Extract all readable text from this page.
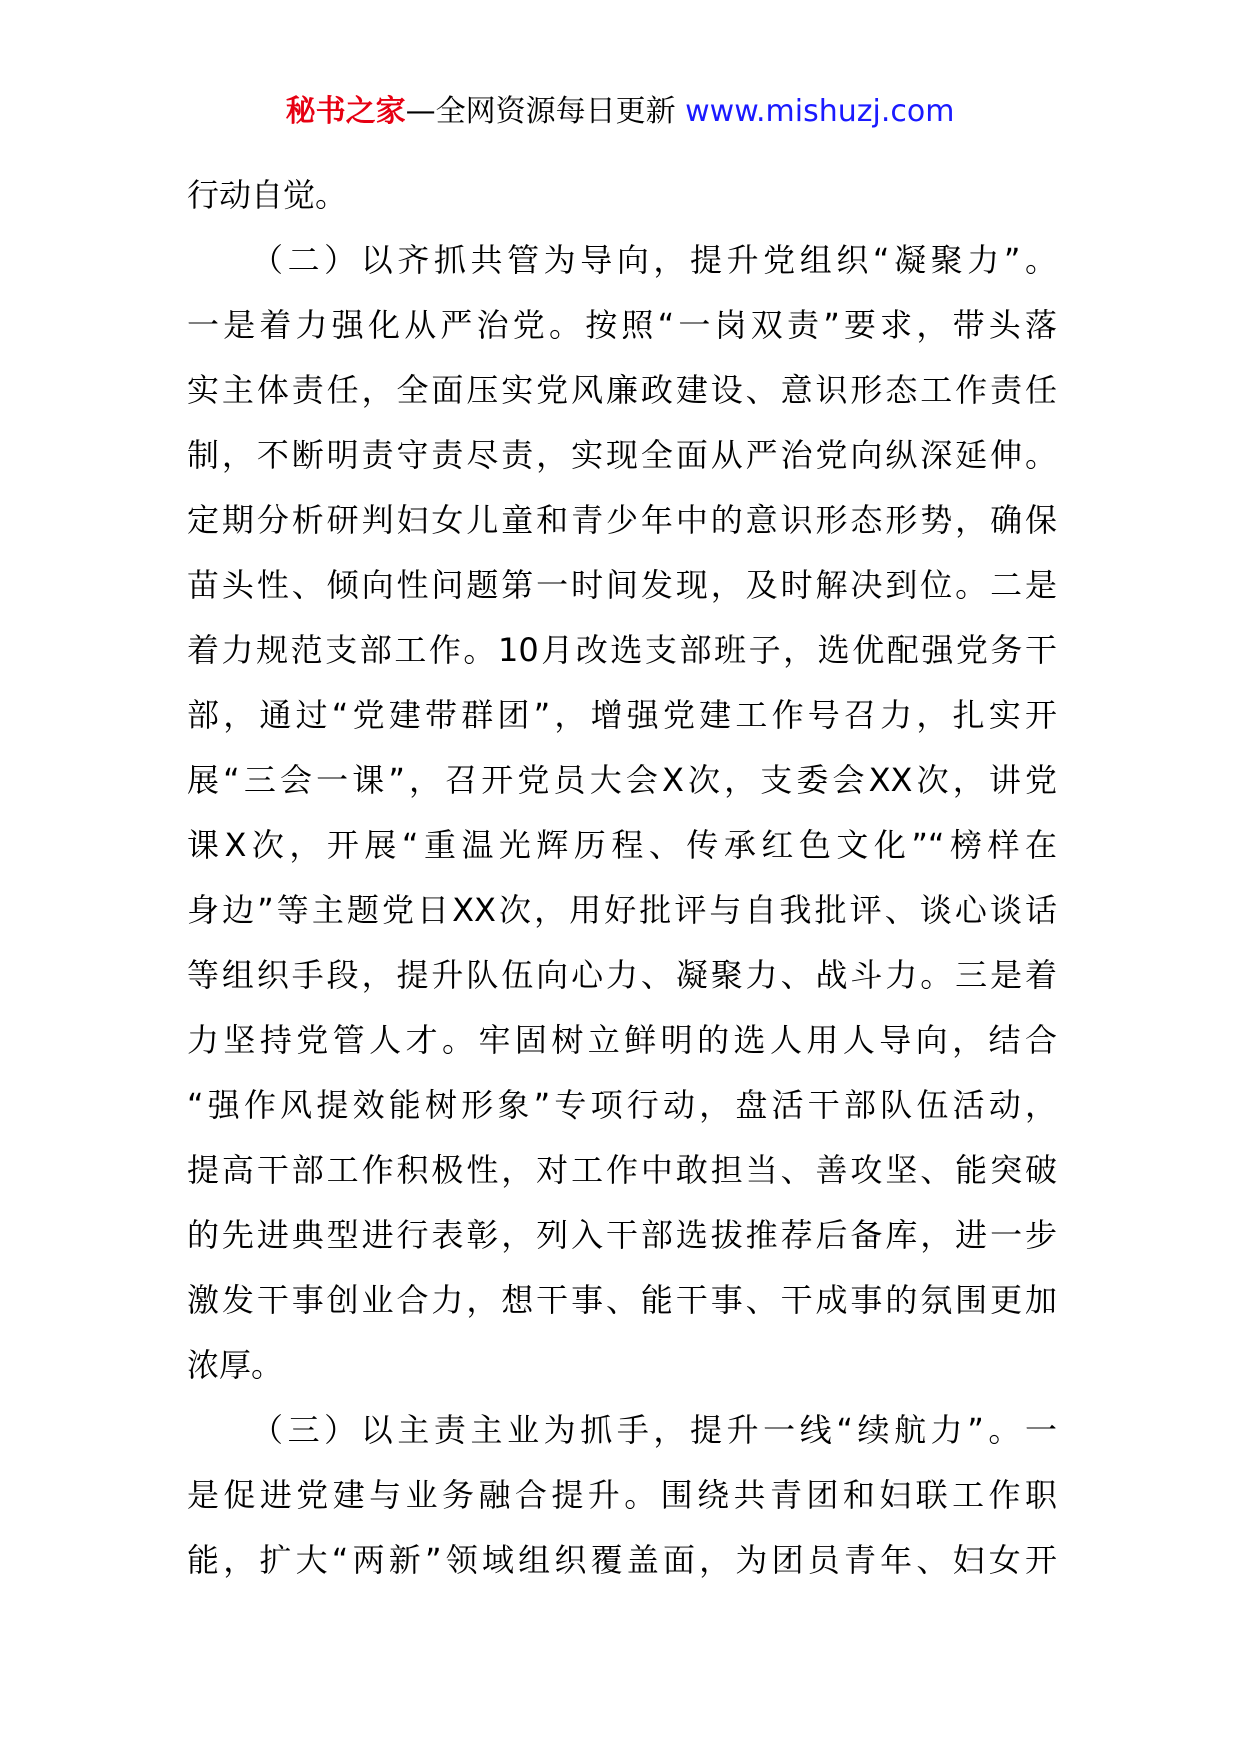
秘书之家—全网资源每日更新 www.mishuzj.com
行动自觉。
（二）以齐抓共管为导向，提升党组织“凝聚力”。
一是着力强化从严治党。按照“一岗双责”要求，带头落
实主体责任，全面压实党风廉政建设、意识形态工作责任
制，不断明责守责尽责，实现全面从严治党向纵深延伸。
定期分析研判妇女儿童和青少年中的意识形态形势，确保
苗头性、倾向性问题第一时间发现，及时解决到位。二是
着力规范支部工作。10月改选支部班子，选优配强党务干
部，通过“党建带群团”，增强党建工作号召力，扎实开
展“三会一课”，召开党员大会X次，支委会XX次，讲党
课X次，开展“重温光辉历程、传承红色文化”“榜样在
身边”等主题党日XX次，用好批评与自我批评、谈心谈话
等组织手段，提升队伍向心力、凝聚力、战斗力。三是着
力坚持党管人才。牢固树立鲜明的选人用人导向，结合
“强作风提效能树形象”专项行动，盘活干部队伍活动，
提高干部工作积极性，对工作中敢担当、善攻坚、能突破
的先进典型进行表彰，列入干部选拔推荐后备库，进一步
激发干事创业合力，想干事、能干事、干成事的氛围更加
浓厚。
（三）以主责主业为抓手，提升一线“续航力”。一
是促进党建与业务融合提升。围绕共青团和妇联工作职
能，扩大“两新”领域组织覆盖面，为团员青年、妇女开
